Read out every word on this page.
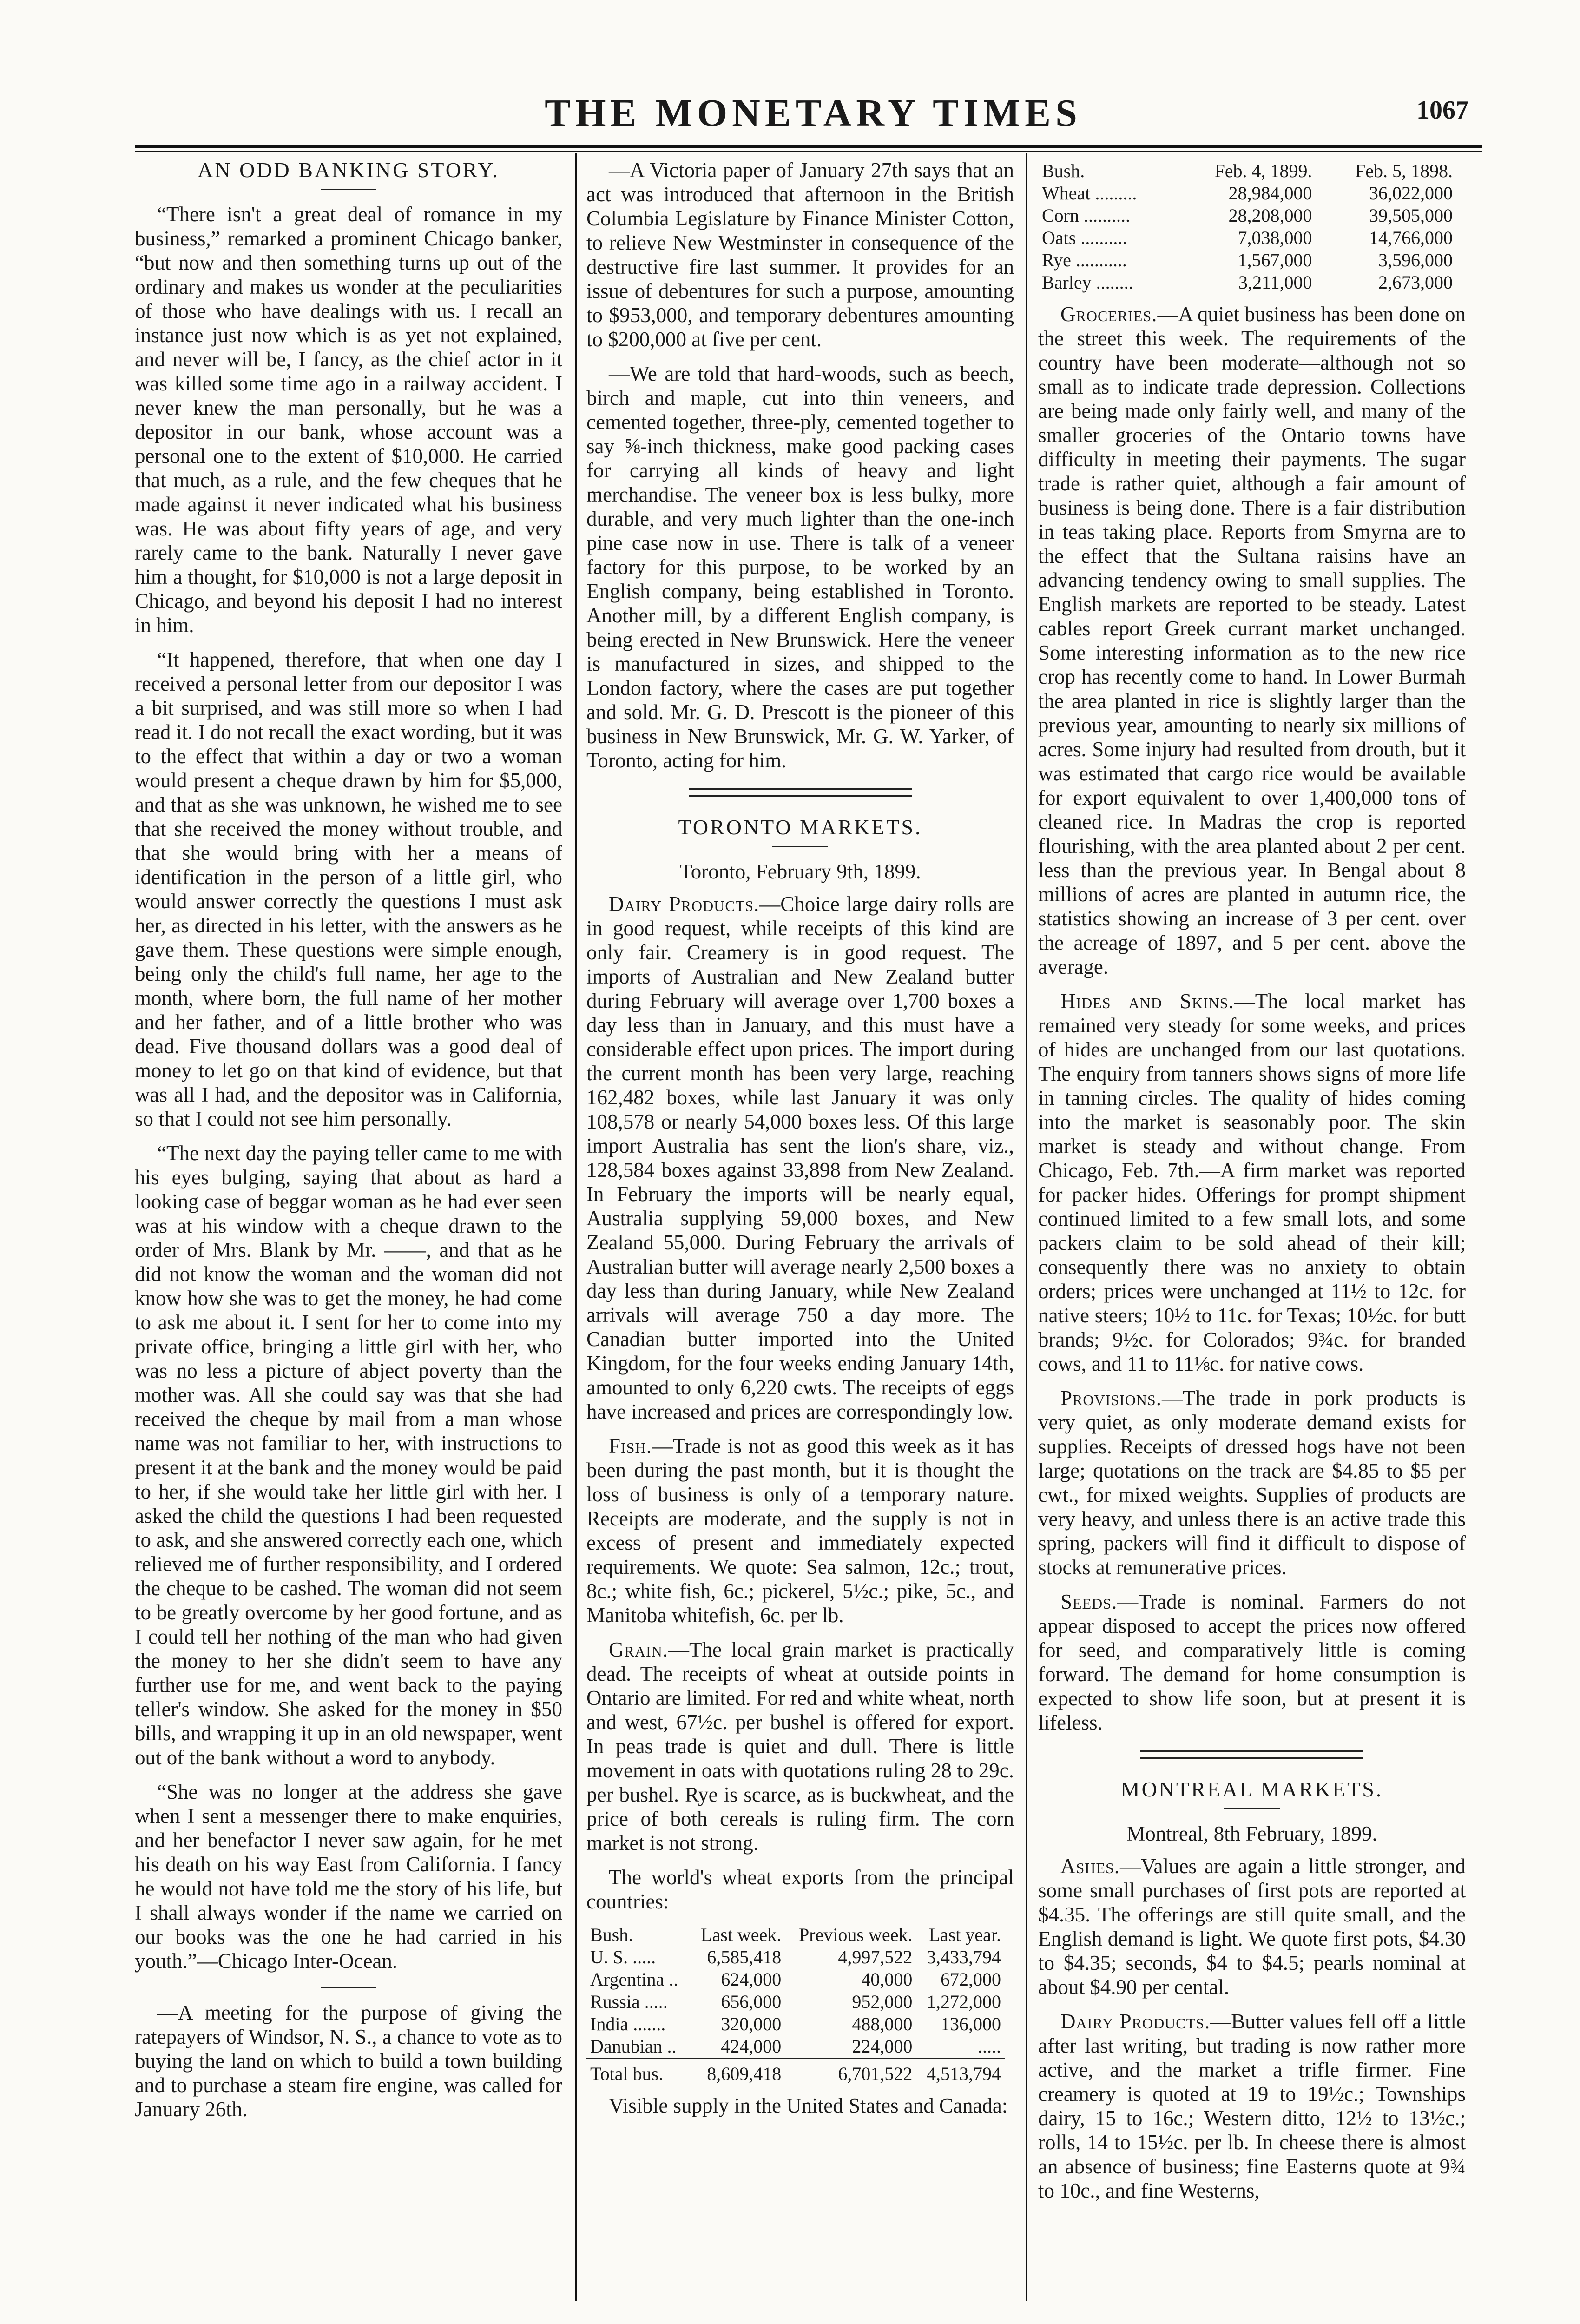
THE MONETARY TIMES	1067
AN ODD BANKING STORY.

“There isn't a great deal of romance in my business,” remarked a prominent Chicago banker, “but now and then something turns up out of the ordinary and makes us wonder at the peculiarities of those who have dealings with us. I recall an instance just now which is as yet not explained, and never will be, I fancy, as the chief actor in it was killed some time ago in a railway accident. I never knew the man personally, but he was a depositor in our bank, whose account was a personal one to the extent of $10,000. He carried that much, as a rule, and the few cheques that he made against it never indicated what his business was. He was about fifty years of age, and very rarely came to the bank. Naturally I never gave him a thought, for $10,000 is not a large deposit in Chicago, and beyond his deposit I had no interest in him.

“It happened, therefore, that when one day I received a personal letter from our depositor I was a bit surprised, and was still more so when I had read it. I do not recall the exact wording, but it was to the effect that within a day or two a woman would present a cheque drawn by him for $5,000, and that as she was unknown, he wished me to see that she received the money without trouble, and that she would bring with her a means of identification in the person of a little girl, who would answer correctly the questions I must ask her, as directed in his letter, with the answers as he gave them. These questions were simple enough, being only the child's full name, her age to the month, where born, the full name of her mother and her father, and of a little brother who was dead. Five thousand dollars was a good deal of money to let go on that kind of evidence, but that was all I had, and the depositor was in California, so that I could not see him personally.

“The next day the paying teller came to me with his eyes bulging, saying that about as hard a looking case of beggar woman as he had ever seen was at his window with a cheque drawn to the order of Mrs. Blank by Mr. ——, and that as he did not know the woman and the woman did not know how she was to get the money, he had come to ask me about it. I sent for her to come into my private office, bringing a little girl with her, who was no less a picture of abject poverty than the mother was. All she could say was that she had received the cheque by mail from a man whose name was not familiar to her, with instructions to present it at the bank and the money would be paid to her, if she would take her little girl with her. I asked the child the questions I had been requested to ask, and she answered correctly each one, which relieved me of further responsibility, and I ordered the cheque to be cashed. The woman did not seem to be greatly overcome by her good fortune, and as I could tell her nothing of the man who had given the money to her she didn't seem to have any further use for me, and went back to the paying teller's window. She asked for the money in $50 bills, and wrapping it up in an old newspaper, went out of the bank without a word to anybody.

“She was no longer at the address she gave when I sent a messenger there to make enquiries, and her benefactor I never saw again, for he met his death on his way East from California. I fancy he would not have told me the story of his life, but I shall always wonder if the name we carried on our books was the one he had carried in his youth.”—Chicago Inter-Ocean.

—A meeting for the purpose of giving the ratepayers of Windsor, N. S., a chance to vote as to buying the land on which to build a town building and to purchase a steam fire engine, was called for January 26th.

—A Victoria paper of January 27th says that an act was introduced that afternoon in the British Columbia Legislature by Finance Minister Cotton, to relieve New Westminster in consequence of the destructive fire last summer. It provides for an issue of debentures for such a purpose, amounting to $953,000, and temporary debentures amounting to $200,000 at five per cent.

—We are told that hard-woods, such as beech, birch and maple, cut into thin veneers, and cemented together, three-ply, cemented together to say ⅝-inch thickness, make good packing cases for carrying all kinds of heavy and light merchandise. The veneer box is less bulky, more durable, and very much lighter than the one-inch pine case now in use. There is talk of a veneer factory for this purpose, to be worked by an English company, being established in Toronto. Another mill, by a different English company, is being erected in New Brunswick. Here the veneer is manufactured in sizes, and shipped to the London factory, where the cases are put together and sold. Mr. G. D. Prescott is the pioneer of this business in New Brunswick, Mr. G. W. Yarker, of Toronto, acting for him.

TORONTO MARKETS.
Toronto, February 9th, 1899.

Dairy Products.—Choice large dairy rolls are in good request, while receipts of this kind are only fair. Creamery is in good request. The imports of Australian and New Zealand butter during February will average over 1,700 boxes a day less than in January, and this must have a considerable effect upon prices. The import during the current month has been very large, reaching 162,482 boxes, while last January it was only 108,578 or nearly 54,000 boxes less. Of this large import Australia has sent the lion's share, viz., 128,584 boxes against 33,898 from New Zealand. In February the imports will be nearly equal, Australia supplying 59,000 boxes, and New Zealand 55,000. During February the arrivals of Australian butter will average nearly 2,500 boxes a day less than during January, while New Zealand arrivals will average 750 a day more. The Canadian butter imported into the United Kingdom, for the four weeks ending January 14th, amounted to only 6,220 cwts. The receipts of eggs have increased and prices are correspondingly low.

Fish.—Trade is not as good this week as it has been during the past month, but it is thought the loss of business is only of a temporary nature. Receipts are moderate, and the supply is not in excess of present and immediately expected requirements. We quote: Sea salmon, 12c.; trout, 8c.; white fish, 6c.; pickerel, 5½c.; pike, 5c., and Manitoba whitefish, 6c. per lb.

Grain.—The local grain market is practically dead. The receipts of wheat at outside points in Ontario are limited. For red and white wheat, north and west, 67½c. per bushel is offered for export. In peas trade is quiet and dull. There is little movement in oats with quotations ruling 28 to 29c. per bushel. Rye is scarce, as is buckwheat, and the price of both cereals is ruling firm. The corn market is not strong.

The world's wheat exports from the principal countries:

Bush.	Last week.	Previous week.	Last year.
U. S. .....	6,585,418	4,997,522	3,433,794
Argentina ..	624,000	40,000	672,000
Russia .....	656,000	952,000	1,272,000
India .......	320,000	488,000	136,000
Danubian ..	424,000	224,000	.....
Total bus.	8,609,418	6,701,522	4,513,794

Visible supply in the United States and Canada:

Bush.	Feb. 4, 1899.	Feb. 5, 1898.
Wheat .........	28,984,000	36,022,000
Corn ..........	28,208,000	39,505,000
Oats ..........	7,038,000	14,766,000
Rye ...........	1,567,000	3,596,000
Barley ........	3,211,000	2,673,000

Groceries.—A quiet business has been done on the street this week. The requirements of the country have been moderate—although not so small as to indicate trade depression. Collections are being made only fairly well, and many of the smaller groceries of the Ontario towns have difficulty in meeting their payments. The sugar trade is rather quiet, although a fair amount of business is being done. There is a fair distribution in teas taking place. Reports from Smyrna are to the effect that the Sultana raisins have an advancing tendency owing to small supplies. The English markets are reported to be steady. Latest cables report Greek currant market unchanged. Some interesting information as to the new rice crop has recently come to hand. In Lower Burmah the area planted in rice is slightly larger than the previous year, amounting to nearly six millions of acres. Some injury had resulted from drouth, but it was estimated that cargo rice would be available for export equivalent to over 1,400,000 tons of cleaned rice. In Madras the crop is reported flourishing, with the area planted about 2 per cent. less than the previous year. In Bengal about 8 millions of acres are planted in autumn rice, the statistics showing an increase of 3 per cent. over the acreage of 1897, and 5 per cent. above the average.

Hides and Skins.—The local market has remained very steady for some weeks, and prices of hides are unchanged from our last quotations. The enquiry from tanners shows signs of more life in tanning circles. The quality of hides coming into the market is seasonably poor. The skin market is steady and without change. From Chicago, Feb. 7th.—A firm market was reported for packer hides. Offerings for prompt shipment continued limited to a few small lots, and some packers claim to be sold ahead of their kill; consequently there was no anxiety to obtain orders; prices were unchanged at 11½ to 12c. for native steers; 10½ to 11c. for Texas; 10½c. for butt brands; 9½c. for Colorados; 9¾c. for branded cows, and 11 to 11⅛c. for native cows.

Provisions.—The trade in pork products is very quiet, as only moderate demand exists for supplies. Receipts of dressed hogs have not been large; quotations on the track are $4.85 to $5 per cwt., for mixed weights. Supplies of products are very heavy, and unless there is an active trade this spring, packers will find it difficult to dispose of stocks at remunerative prices.

Seeds.—Trade is nominal. Farmers do not appear disposed to accept the prices now offered for seed, and comparatively little is coming forward. The demand for home consumption is expected to show life soon, but at present it is lifeless.

MONTREAL MARKETS.
Montreal, 8th February, 1899.

Ashes.—Values are again a little stronger, and some small purchases of first pots are reported at $4.35. The offerings are still quite small, and the English demand is light. We quote first pots, $4.30 to $4.35; seconds, $4 to $4.5; pearls nominal at about $4.90 per cental.

Dairy Products.—Butter values fell off a little after last writing, but trading is now rather more active, and the market a trifle firmer. Fine creamery is quoted at 19 to 19½c.; Townships dairy, 15 to 16c.; Western ditto, 12½ to 13½c.; rolls, 14 to 15½c. per lb. In cheese there is almost an absence of business; fine Easterns quote at 9¾ to 10c., and fine Westerns,
